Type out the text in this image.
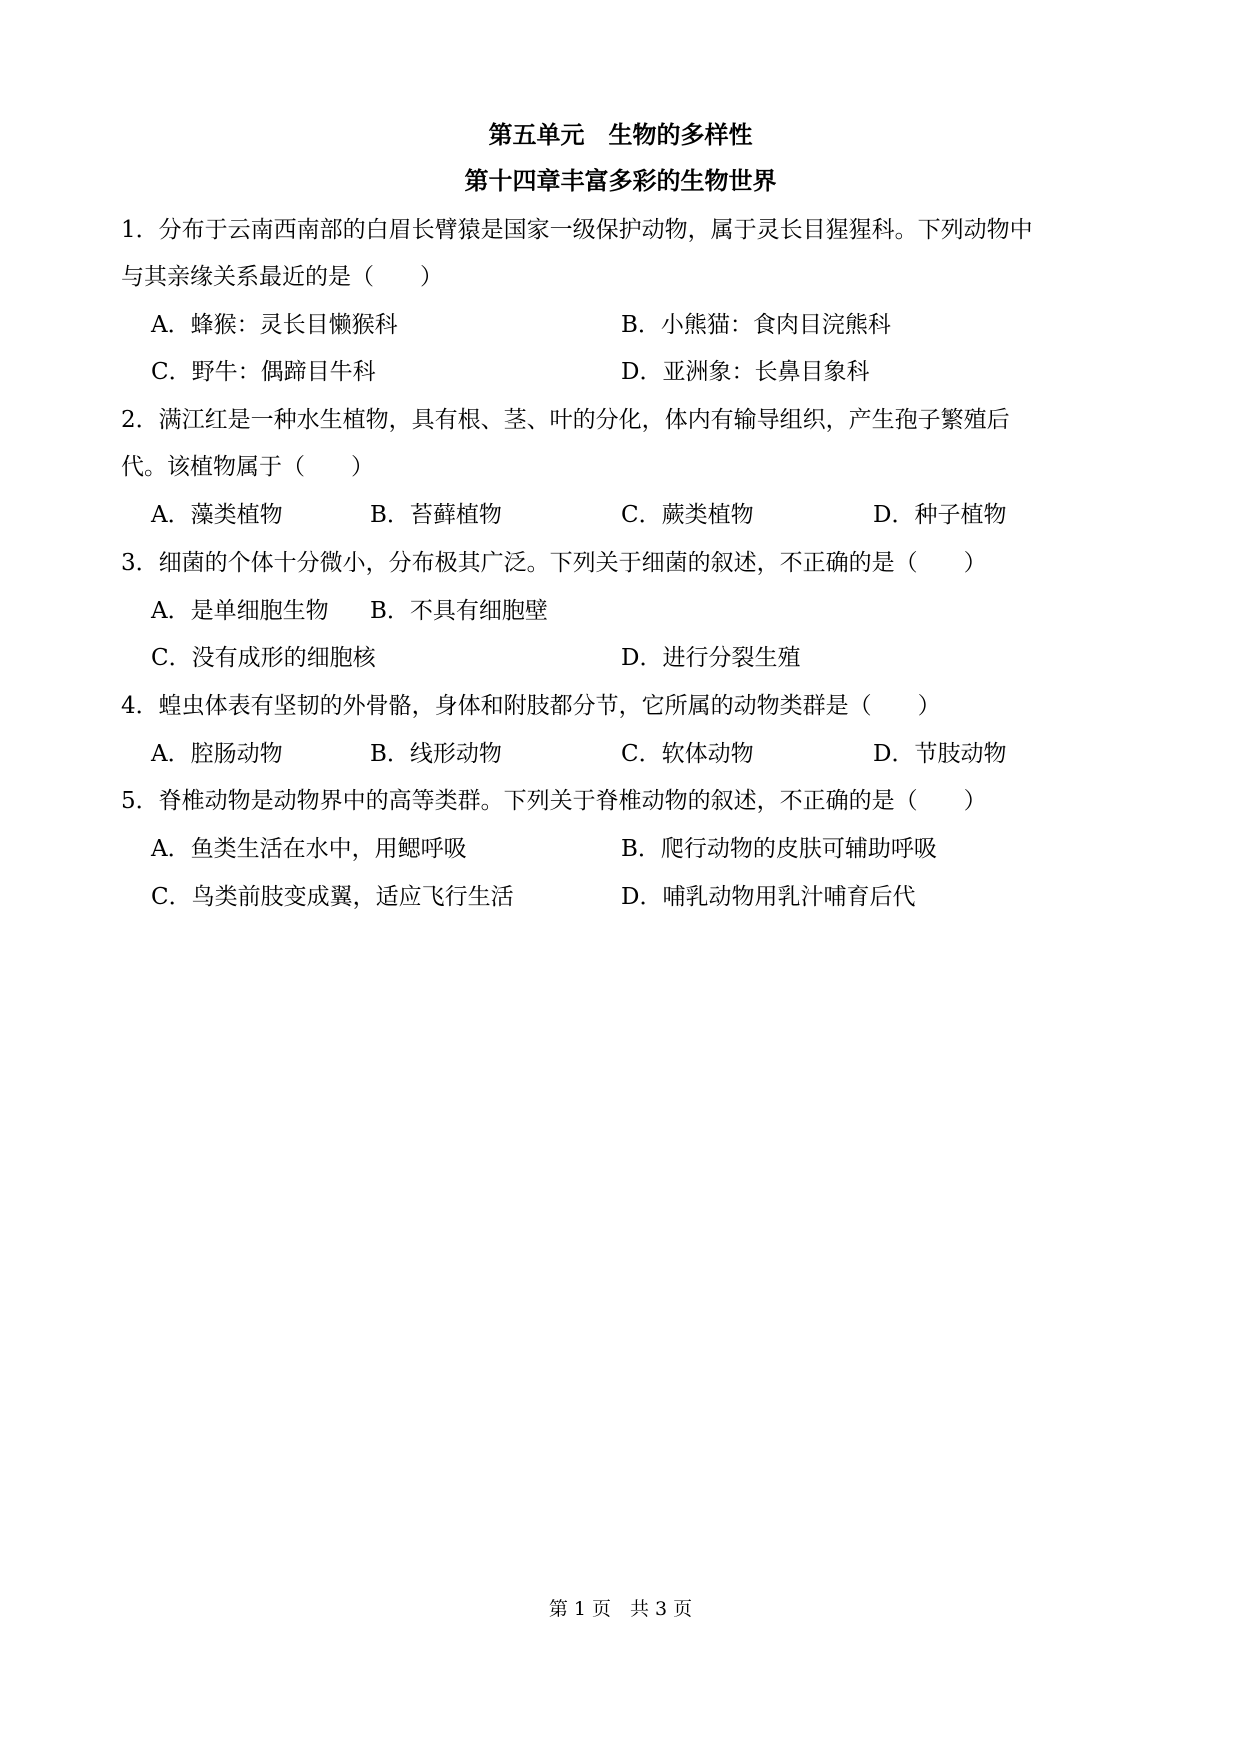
第五单元　生物的多样性
第十四章丰富多彩的生物世界
1．分布于云南西南部的白眉长臂猿是国家一级保护动物，属于灵长目猩猩科。下列动物中
与其亲缘关系最近的是（　　）
A．蜂猴：灵长目懒猴科	B．小熊猫：食肉目浣熊科
C．野牛：偶蹄目牛科	D．亚洲象：长鼻目象科
2．满江红是一种水生植物，具有根、茎、叶的分化，体内有输导组织，产生孢子繁殖后
代。该植物属于（　　）
A．藻类植物	B．苔藓植物	C．蕨类植物	D．种子植物
3．细菌的个体十分微小，分布极其广泛。下列关于细菌的叙述，不正确的是（　　）
A．是单细胞生物 B．不具有细胞壁
C．没有成形的细胞核	D．进行分裂生殖
4．蝗虫体表有坚韧的外骨骼，身体和附肢都分节，它所属的动物类群是（　　）
A．腔肠动物	B．线形动物	C．软体动物	D．节肢动物
5．脊椎动物是动物界中的高等类群。下列关于脊椎动物的叙述，不正确的是（　　）
A．鱼类生活在水中，用鳃呼吸	B．爬行动物的皮肤可辅助呼吸
C．鸟类前肢变成翼，适应飞行生活	D．哺乳动物用乳汁哺育后代
第 1 页　共 3 页
